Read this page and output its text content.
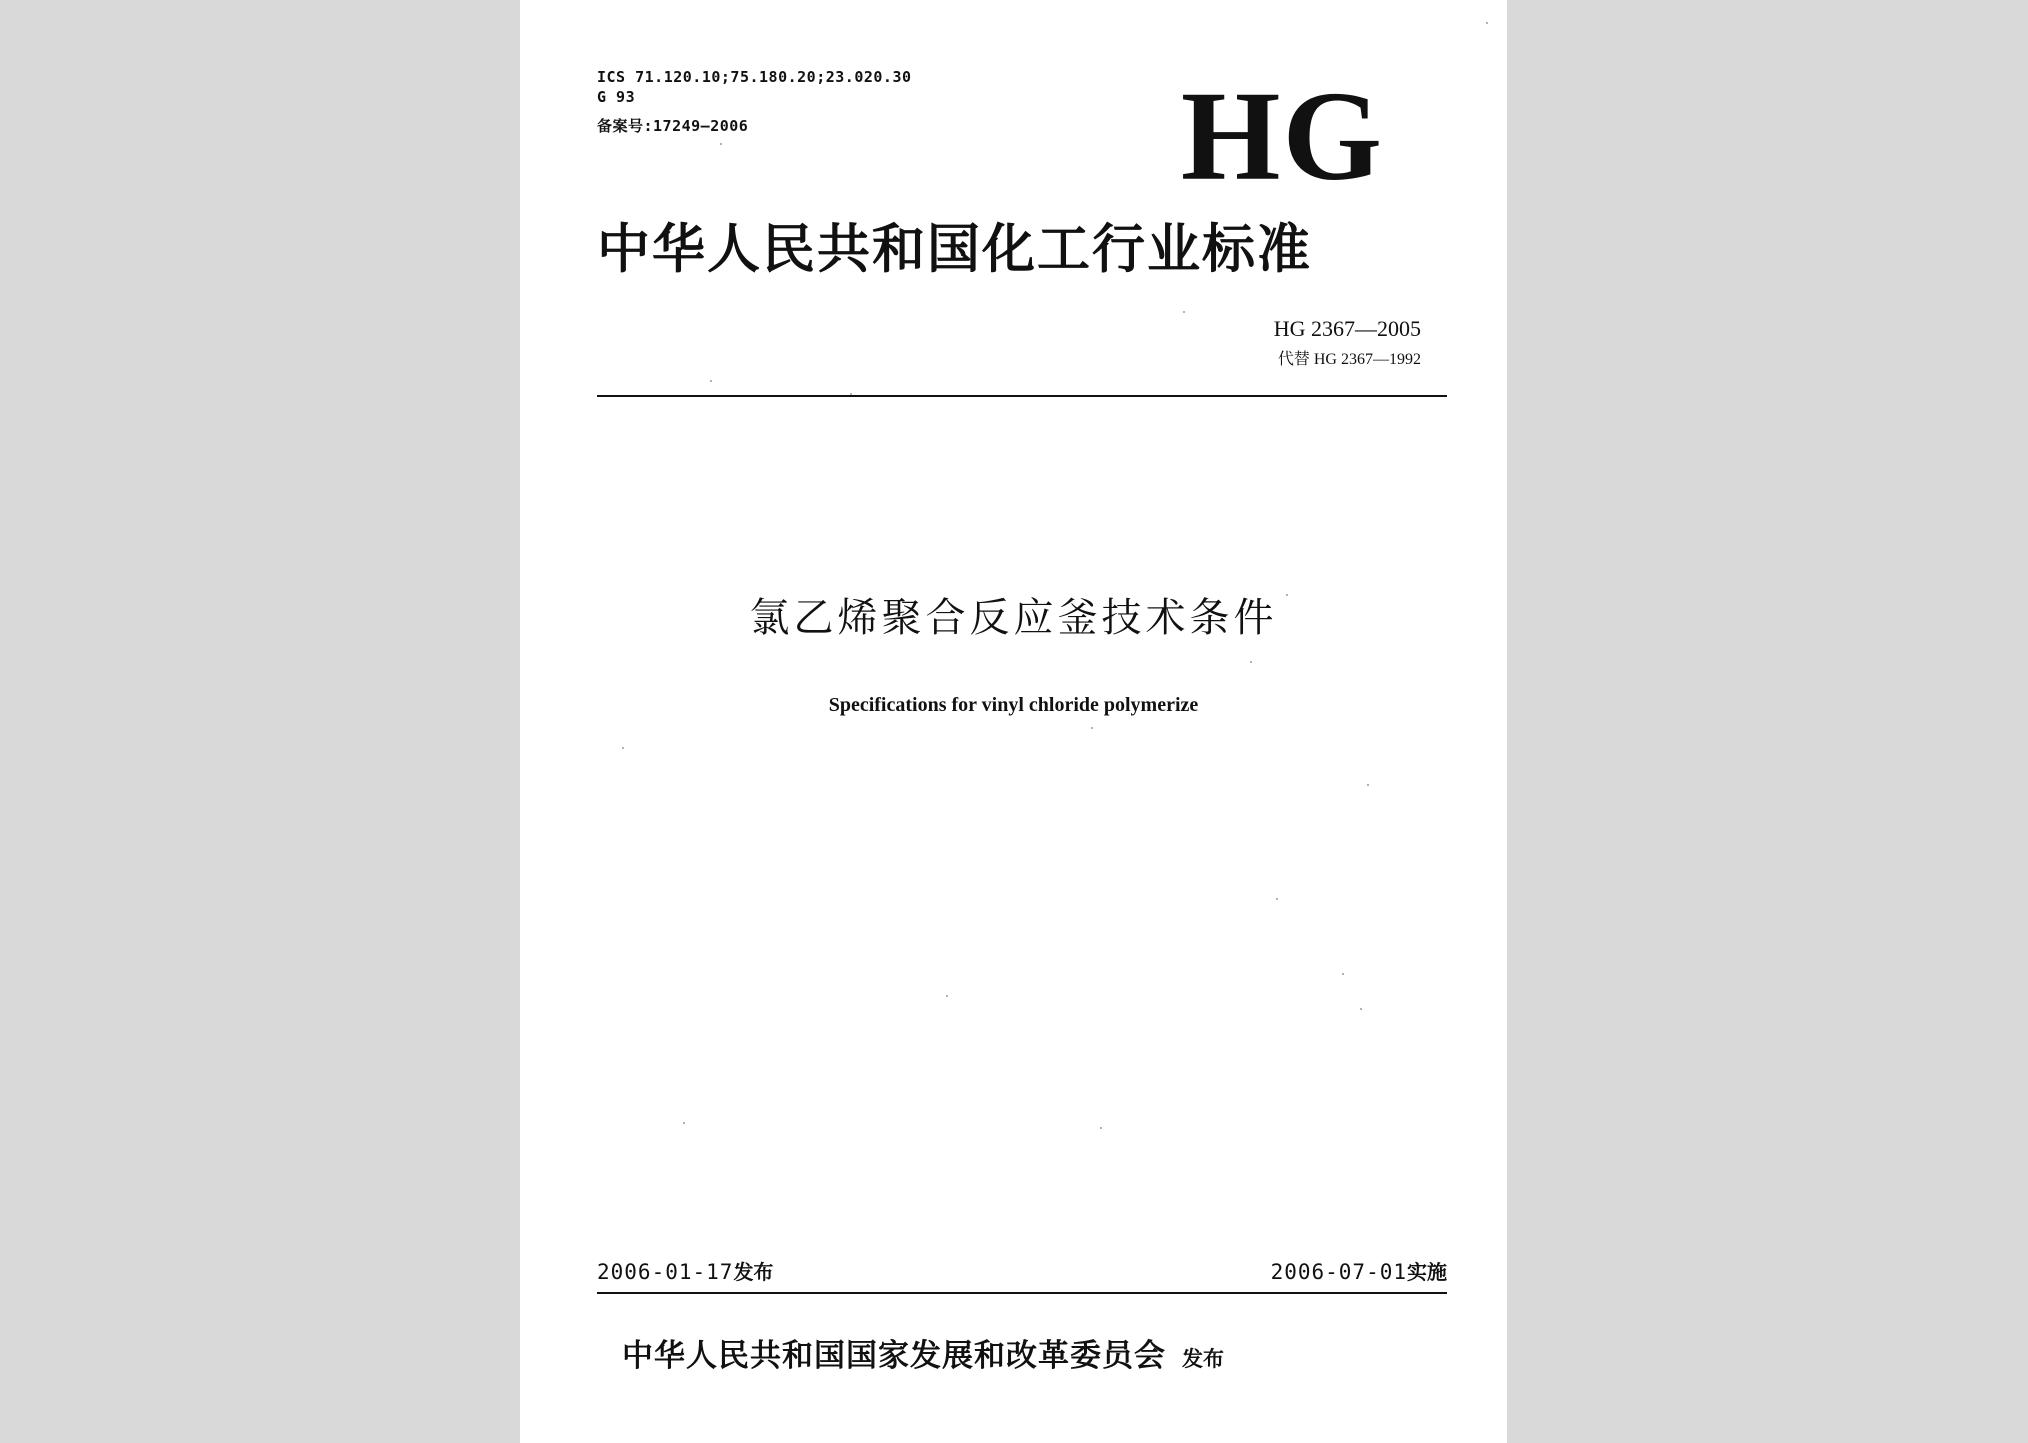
ICS 71.120.10;75.180.20;23.020.30
G 93
备案号:17249—2006	HG
中华人民共和国化工行业标准
HG 2367—2005
代替 HG 2367—1992
氯乙烯聚合反应釜技术条件
Specifications for vinyl chloride polymerize
2006-01-17发布	2006-07-01实施
中华人民共和国国家发展和改革委员会 发布
